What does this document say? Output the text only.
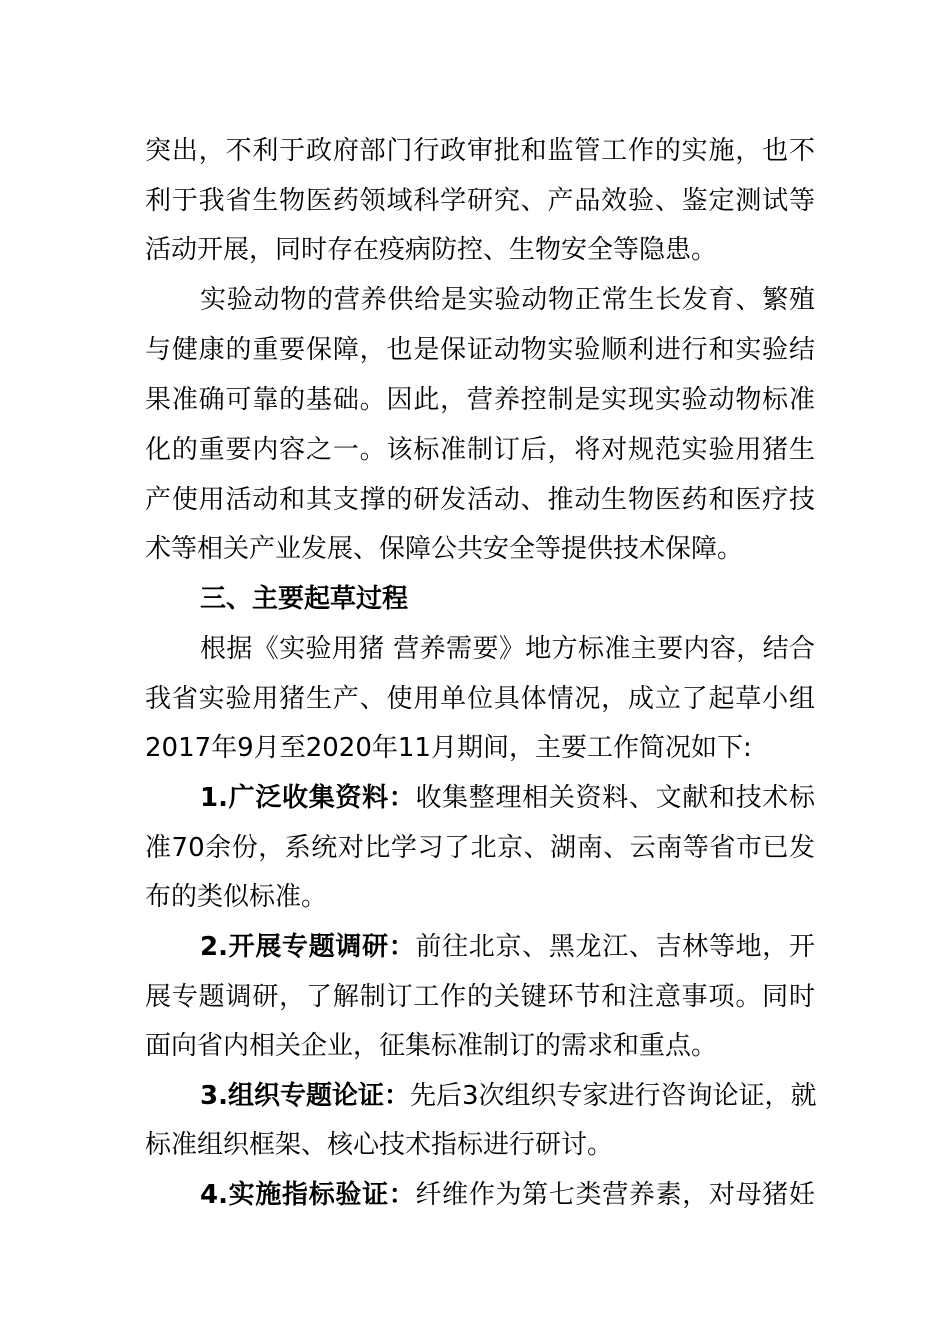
突出，不利于政府部门行政审批和监管工作的实施，也不
利于我省生物医药领域科学研究、产品效验、鉴定测试等
活动开展，同时存在疫病防控、生物安全等隐患。
实验动物的营养供给是实验动物正常生长发育、繁殖
与健康的重要保障，也是保证动物实验顺利进行和实验结
果准确可靠的基础。因此，营养控制是实现实验动物标准
化的重要内容之一。该标准制订后，将对规范实验用猪生
产使用活动和其支撑的研发活动、推动生物医药和医疗技
术等相关产业发展、保障公共安全等提供技术保障。
三、主要起草过程
根据《实验用猪 营养需要》地方标准主要内容，结合
我省实验用猪生产、使用单位具体情况，成立了起草小组
2017年9月至2020年11月期间，主要工作简况如下:
1.广泛收集资料：收集整理相关资料、文献和技术标
准70余份，系统对比学习了北京、湖南、云南等省市已发
布的类似标准。
2.开展专题调研：前往北京、黑龙江、吉林等地，开
展专题调研，了解制订工作的关键环节和注意事项。同时
面向省内相关企业，征集标准制订的需求和重点。
3.组织专题论证：先后3次组织专家进行咨询论证，就
标准组织框架、核心技术指标进行研讨。
4.实施指标验证：纤维作为第七类营养素，对母猪妊
